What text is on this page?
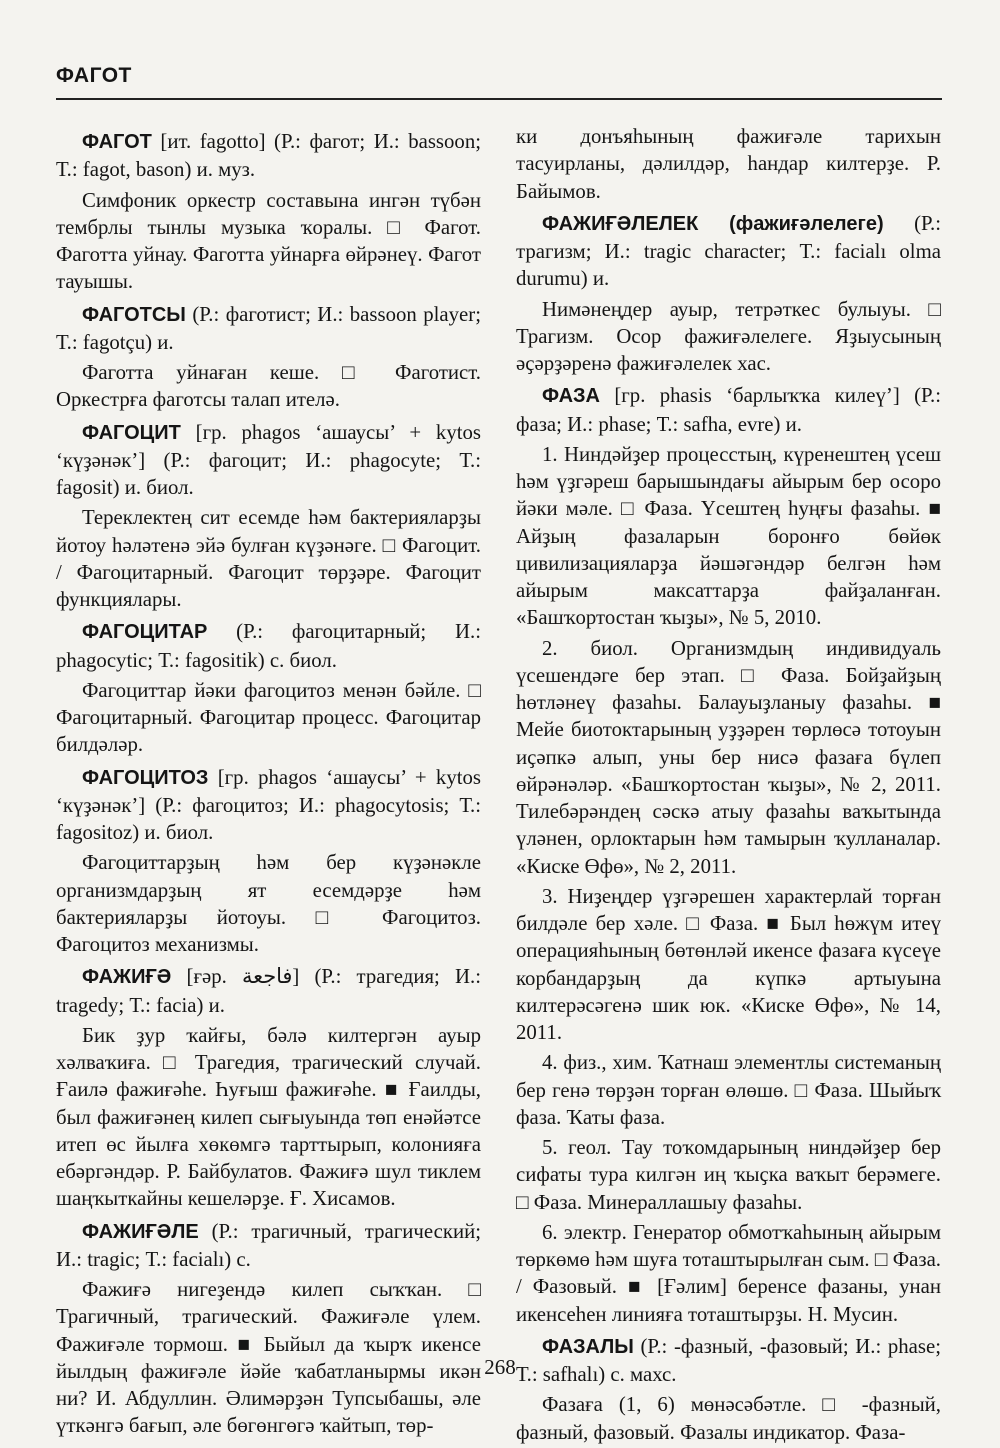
ФАГОТ

ФАГОТ [ит. fagotto] (Р.: фагот; И.: bassoon; Т.: fagot, bason) и. муз.

Симфоник оркестр составына ингән түбән тембрлы тынлы музыка ҡоралы. □ Фагот. Фаготта уйнау. Фаготта уйнарға өйрәнеү. Фагот тауышы.

ФАГОТСЫ (Р.: фаготист; И.: bassoon player; Т.: fagotçu) и.

Фаготта уйнаған кеше. □ Фаготист. Оркестрға фаготсы талап ителә.

ФАГОЦИТ [гр. phagos ‘ашаусы’ + kytos ‘күҙәнәк’] (Р.: фагоцит; И.: phagocyte; Т.: fagosit) и. биол.

Тереклектең сит есемде һәм бактерияларҙы йотоу һәләтенә эйә булған күҙәнәге. □ Фагоцит. / Фагоцитарный. Фагоцит төрҙәре. Фагоцит функциялары.

ФАГОЦИТАР (Р.: фагоцитарный; И.: phagocytic; Т.: fagositik) с. биол.

Фагоциттар йәки фагоцитоз менән бәйле. □ Фагоцитарный. Фагоцитар процесс. Фагоцитар билдәләр.

ФАГОЦИТОЗ [гр. phagos ‘ашаусы’ + kytos ‘күҙәнәк’] (Р.: фагоцитоз; И.: phagocytosis; Т.: fagositoz) и. биол.

Фагоциттарҙың һәм бер күҙәнәкле организмдарҙың ят есемдәрҙе һәм бактерияларҙы йотоуы. □ Фагоцитоз. Фагоцитоз механизмы.

ФАЖИҒӘ [ғәр. فاجعة] (Р.: трагедия; И.: tragedy; Т.: facia) и.

Бик ҙур ҡайғы, бәлә килтергән ауыр хәлваҡиға. □ Трагедия, трагический случай. Ғаилә фажиғәһе. Һуғыш фажиғәһе. ■ Ғаилды, был фажиғәнең килеп сығыуында төп енәйәтсе итеп өс йылға хөкөмгә тарттырып, колонияға ебәргәндәр. Р. Байбулатов. Фажиғә шул тиклем шаңҡыткайны кешеләрҙе. Ғ. Хисамов.

ФАЖИҒӘЛЕ (Р.: трагичный, трагический; И.: tragic; Т.: facialı) с.

Фажиғә нигеҙендә килеп сыҡҡан. □ Трагичный, трагический. Фажиғәле үлем. Фажиғәле тормош. ■ Быйыл да ҡырҡ икенсе йылдың фажиғәле йәйе ҡабатланырмы икән ни? И. Абдуллин. Әлимәрҙән Тупсыбашы, әле үткәнгә бағып, әле бөгөнгөгә ҡайтып, төр-

ки донъяһының фажиғәле тарихын тасуирланы, дәлилдәр, һандар килтерҙе. Р. Байымов.

ФАЖИҒӘЛЕЛЕК (фажиғәлелеге) (Р.: трагизм; И.: tragic character; Т.: facialı olma durumu) и.

Нимәнеңдер ауыр, тетрәткес булыуы. □ Трагизм. Осор фажиғәлелеге. Яҙыусының әҫәрҙәренә фажиғәлелек хас.

ФАЗА [гр. phasis ‘барлыҡҡа килеү’] (Р.: фаза; И.: phase; Т.: safha, evre) и.

1. Ниндәйҙер процесстың, күренештең үсеш һәм үҙгәреш барышындағы айырым бер осоро йәки мәле. □ Фаза. Үсештең һуңғы фазаһы. ■ Айҙың фазаларын боронғо бөйөк цивилизацияларҙа йәшәгәндәр белгән һәм айырым максаттарҙа файҙаланған. «Башҡортостан ҡыҙы», № 5, 2010.

2. биол. Организмдың индивидуаль үсешендәге бер этап. □ Фаза. Бойҙайҙың һөтләнеү фазаһы. Балауыҙланыу фазаһы. ■ Мейе биотоктарының уҙҙәрен төрлөсә тотоуын иҫәпкә алып, уны бер нисә фазаға бүлеп өйрәнәләр. «Башҡортостан ҡыҙы», № 2, 2011. Тилебәрәндең сәскә атыу фазаһы ваҡытында үләнен, орлоктарын һәм тамырын ҡулланалар. «Киске Өфө», № 2, 2011.

3. Ниҙеңдер үҙгәрешен характерлай торған билдәле бер хәле. □ Фаза. ■ Был һөжүм итеү операцияһының бөтөнләй икенсе фазаға күсеүе корбандарҙың да күпкә артыуына килтерәсәгенә шик юк. «Киске Өфө», № 14, 2011.

4. физ., хим. Ҡатнаш элементлы системаның бер генә төрҙән торған өлөшө. □ Фаза. Шыйыҡ фаза. Ҡаты фаза.

5. геол. Тау тоҡомдарының ниндәйҙер бер сифаты тура килгән иң ҡыҫка ваҡыт берәмеге. □ Фаза. Минераллашыу фазаһы.

6. электр. Генератор обмотҡаһының айырым төркөмө һәм шуға тоташтырылған сым. □ Фаза. / Фазовый. ■ [Ғәлим] беренсе фазаны, унан икенсеһен линияға тоташтырҙы. Н. Мусин.

ФАЗАЛЫ (Р.: -фазный, -фазовый; И.: phase; Т.: safhalı) с. махс.

Фазаға (1, 6) мөнәсәбәтле. □ -фазный, фазный, фазовый. Фазалы индикатор. Фаза-

268
